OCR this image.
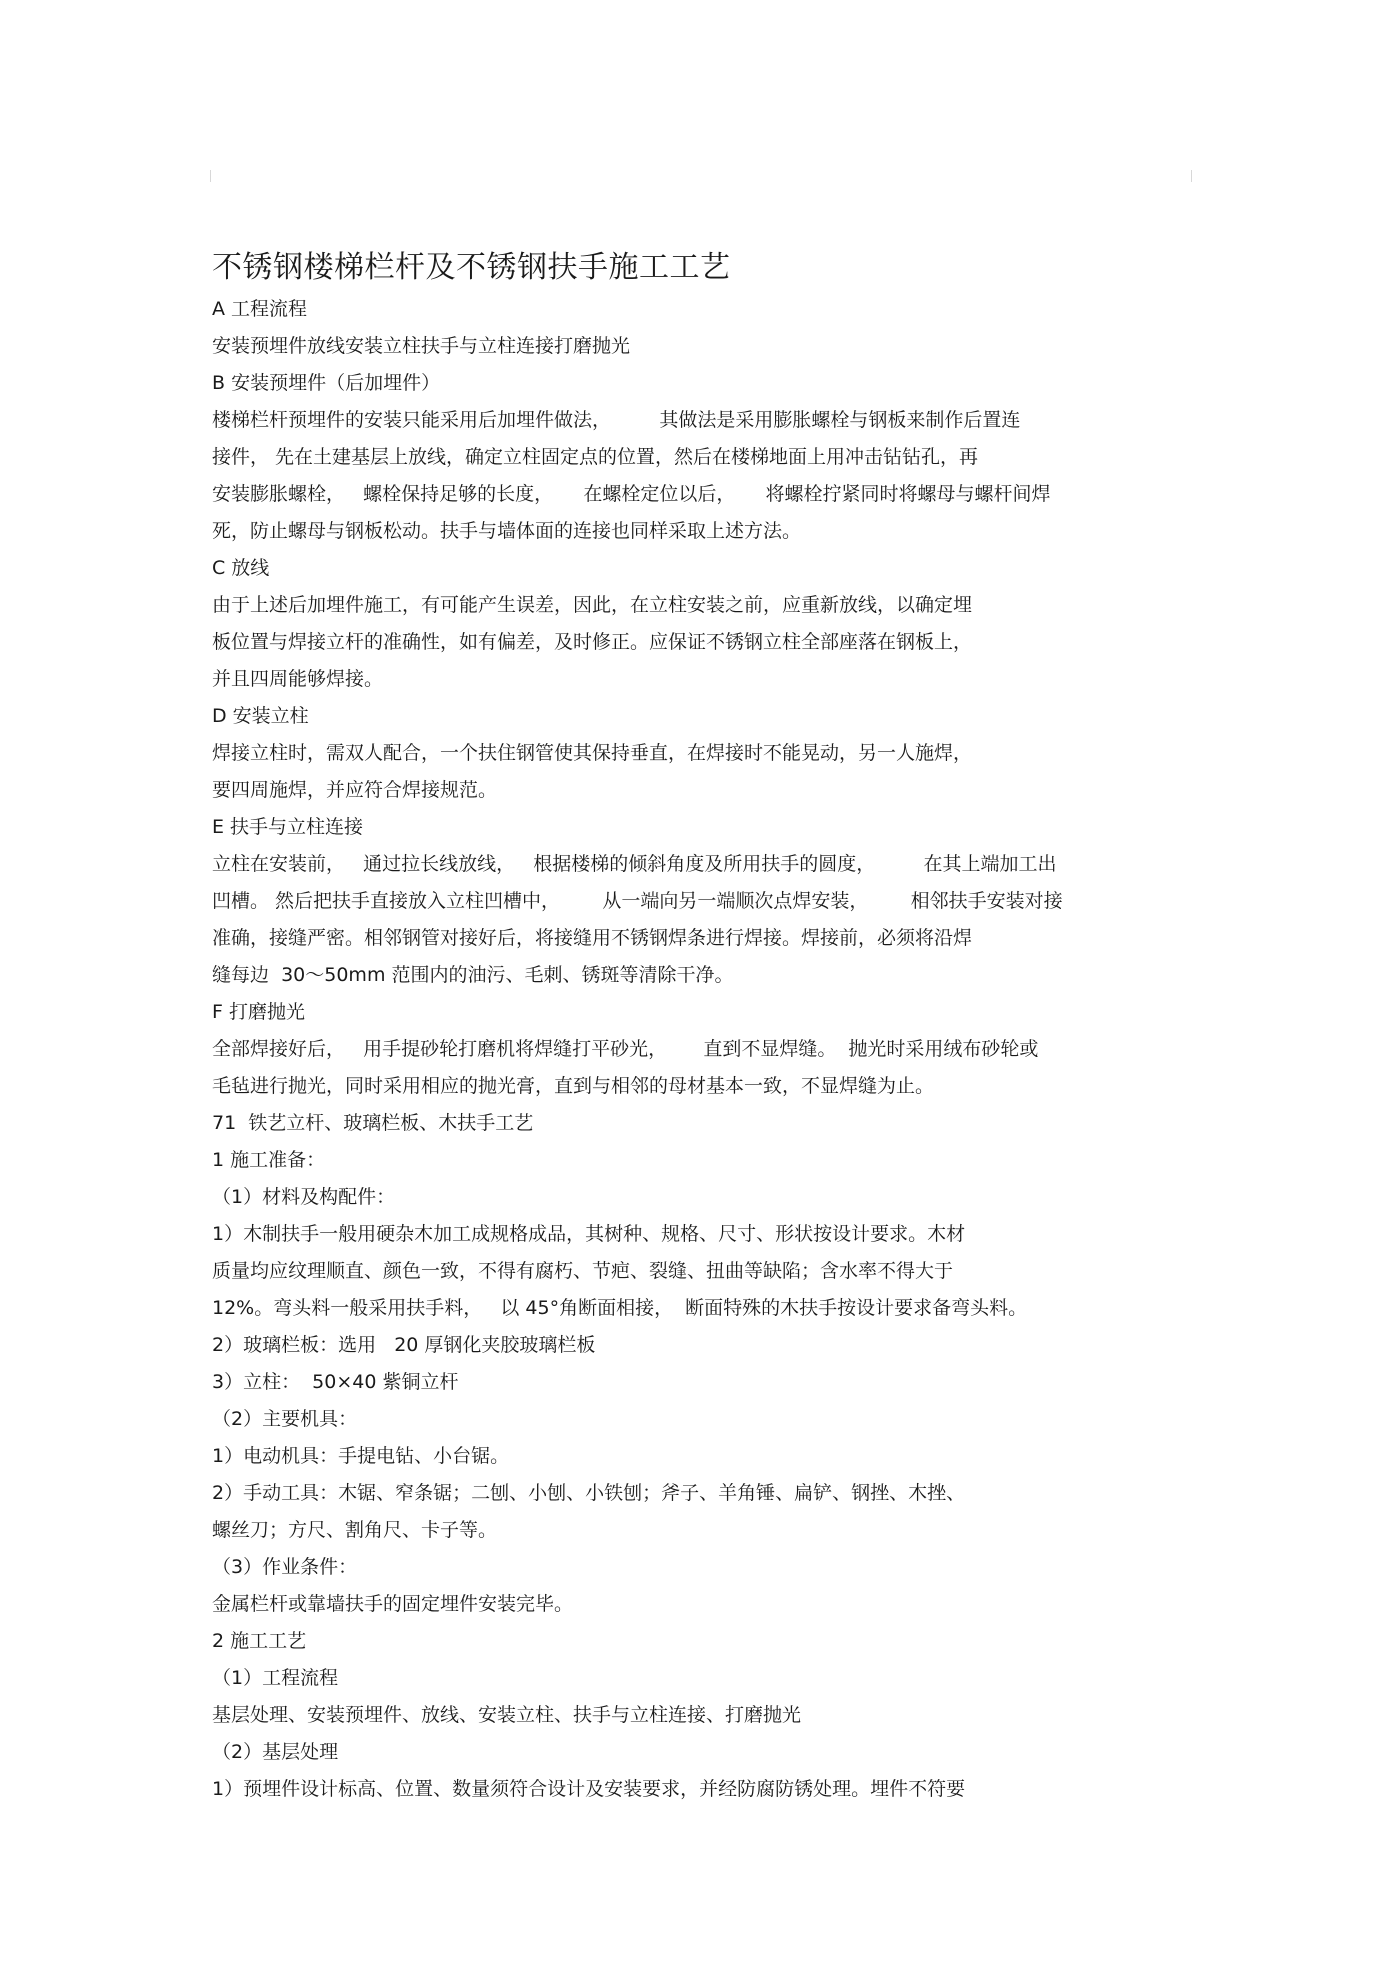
不锈钢楼梯栏杆及不锈钢扶手施工工艺
A 工程流程
安装预埋件放线安装立柱扶手与立柱连接打磨抛光
B 安装预埋件（后加埋件）
楼梯栏杆预埋件的安装只能采用后加埋件做法，        其做法是采用膨胀螺栓与钢板来制作后置连
接件， 先在土建基层上放线，确定立柱固定点的位置，然后在楼梯地面上用冲击钻钻孔，再
安装膨胀螺栓，   螺栓保持足够的长度，     在螺栓定位以后，     将螺栓拧紧同时将螺母与螺杆间焊
死，防止螺母与钢板松动。扶手与墙体面的连接也同样采取上述方法。
C 放线
由于上述后加埋件施工，有可能产生误差，因此，在立柱安装之前，应重新放线，以确定埋
板位置与焊接立杆的准确性，如有偏差，及时修正。应保证不锈钢立柱全部座落在钢板上，
并且四周能够焊接。
D 安装立柱
焊接立柱时，需双人配合，一个扶住钢管使其保持垂直，在焊接时不能晃动，另一人施焊，
要四周施焊，并应符合焊接规范。
E 扶手与立柱连接
立柱在安装前，   通过拉长线放线，   根据楼梯的倾斜角度及所用扶手的圆度，        在其上端加工出
凹槽。 然后把扶手直接放入立柱凹槽中，       从一端向另一端顺次点焊安装，       相邻扶手安装对接
准确，接缝严密。相邻钢管对接好后，将接缝用不锈钢焊条进行焊接。焊接前，必须将沿焊
缝每边  30～50mm 范围内的油污、毛刺、锈斑等清除干净。
F 打磨抛光
全部焊接好后，   用手提砂轮打磨机将焊缝打平砂光，      直到不显焊缝。  抛光时采用绒布砂轮或
毛毡进行抛光，同时采用相应的抛光膏，直到与相邻的母材基本一致，不显焊缝为止。
71  铁艺立杆、玻璃栏板、木扶手工艺
1 施工准备：
（1）材料及构配件：
1）木制扶手一般用硬杂木加工成规格成品，其树种、规格、尺寸、形状按设计要求。木材
质量均应纹理顺直、颜色一致，不得有腐朽、节疤、裂缝、扭曲等缺陷；含水率不得大于
12%。弯头料一般采用扶手料，   以 45°角断面相接，  断面特殊的木扶手按设计要求备弯头料。
2）玻璃栏板：选用   20 厚钢化夹胶玻璃栏板
3）立柱：  50×40 紫铜立杆
（2）主要机具：
1）电动机具：手提电钻、小台锯。
2）手动工具：木锯、窄条锯；二刨、小刨、小铁刨；斧子、羊角锤、扁铲、钢挫、木挫、
螺丝刀；方尺、割角尺、卡子等。
（3）作业条件：
金属栏杆或靠墙扶手的固定埋件安装完毕。
2 施工工艺
（1）工程流程
基层处理、安装预埋件、放线、安装立柱、扶手与立柱连接、打磨抛光
（2）基层处理
1）预埋件设计标高、位置、数量须符合设计及安装要求，并经防腐防锈处理。埋件不符要
